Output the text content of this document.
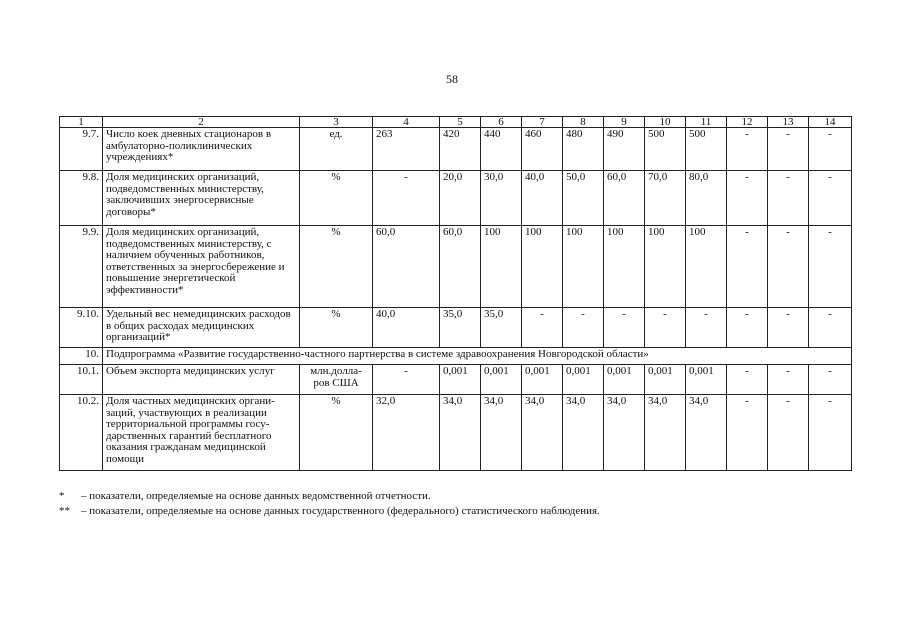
58
1	2	3	4	5	6	7	8	9	10	11	12	13	14
9.7.	Число коек дневных стационаров в амбулаторно-поликлинических учреждениях*	ед.	263	420	440	460	480	490	500	500	-	-	-
9.8.	Доля медицинских организаций, подведомственных министерству, заключивших энергосервисные договоры*	%	-	20,0	30,0	40,0	50,0	60,0	70,0	80,0	-	-	-
9.9.	Доля медицинских организаций, подведомственных министерству, с наличием обученных работников, ответственных за энергосбережение и повышение энергетической эффективности*	%	60,0	60,0	100	100	100	100	100	100	-	-	-
9.10.	Удельный вес немедицинских расходов в общих расходах медицинских организаций*	%	40,0	35,0	35,0	-	-	-	-	-	-	-	-
10.	Подпрограмма «Развитие государственно-частного партнерства в системе здравоохранения Новгородской области»												
10.1.	Объем экспорта медицинских услуг	млн.долла- ров США	-	0,001	0,001	0,001	0,001	0,001	0,001	0,001	-	-	-
10.2.	Доля частных медицинских органи- заций, участвующих в реализации территориальной программы госу- дарственных гарантий бесплатного оказания гражданам медицинской помощи	%	32,0	34,0	34,0	34,0	34,0	34,0	34,0	34,0	-	-	-
* – показатели, определяемые на основе данных ведомственной отчетности.
** – показатели, определяемые на основе данных государственного (федерального) статистического наблюдения.
